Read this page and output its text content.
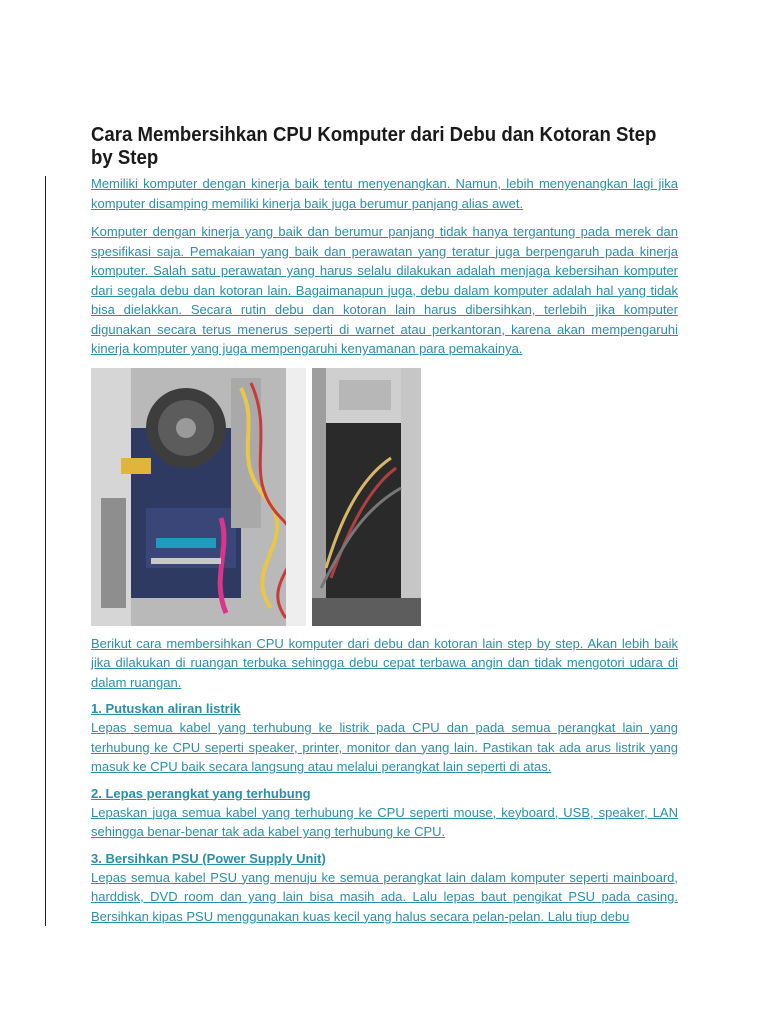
Cara Membersihkan CPU Komputer dari Debu dan Kotoran Step by Step

Memiliki komputer dengan kinerja baik tentu menyenangkan. Namun, lebih menyenangkan lagi jika komputer disamping memiliki kinerja baik juga berumur panjang alias awet.

Komputer dengan kinerja yang baik dan berumur panjang tidak hanya tergantung pada merek dan spesifikasi saja. Pemakaian yang baik dan perawatan yang teratur juga berpengaruh pada kinerja komputer. Salah satu perawatan yang harus selalu dilakukan adalah menjaga kebersihan komputer dari segala debu dan kotoran lain. Bagaimanapun juga, debu dalam komputer adalah hal yang tidak bisa dielakkan. Secara rutin debu dan kotoran lain harus dibersihkan, terlebih jika komputer digunakan secara terus menerus seperti di warnet atau perkantoran, karena akan mempengaruhi kinerja komputer yang juga mempengaruhi kenyamanan para pemakainya.

Berikut cara membersihkan CPU komputer dari debu dan kotoran lain step by step. Akan lebih baik jika dilakukan di ruangan terbuka sehingga debu cepat terbawa angin dan tidak mengotori udara di dalam ruangan.

1. Putuskan aliran listrik

Lepas semua kabel yang terhubung ke listrik pada CPU dan pada semua perangkat lain yang terhubung ke CPU seperti speaker, printer, monitor dan yang lain. Pastikan tak ada arus listrik yang masuk ke CPU baik secara langsung atau melalui perangkat lain seperti di atas.

2. Lepas perangkat yang terhubung

Lepaskan juga semua kabel yang terhubung ke CPU seperti mouse, keyboard, USB, speaker, LAN sehingga benar-benar tak ada kabel yang terhubung ke CPU.

3. Bersihkan PSU (Power Supply Unit)

Lepas semua kabel PSU yang menuju ke semua perangkat lain dalam komputer seperti mainboard, harddisk, DVD room dan yang lain bisa masih ada. Lalu lepas baut pengikat PSU pada casing. Bersihkan kipas PSU menggunakan kuas kecil yang halus secara pelan-pelan. Lalu tiup debu
